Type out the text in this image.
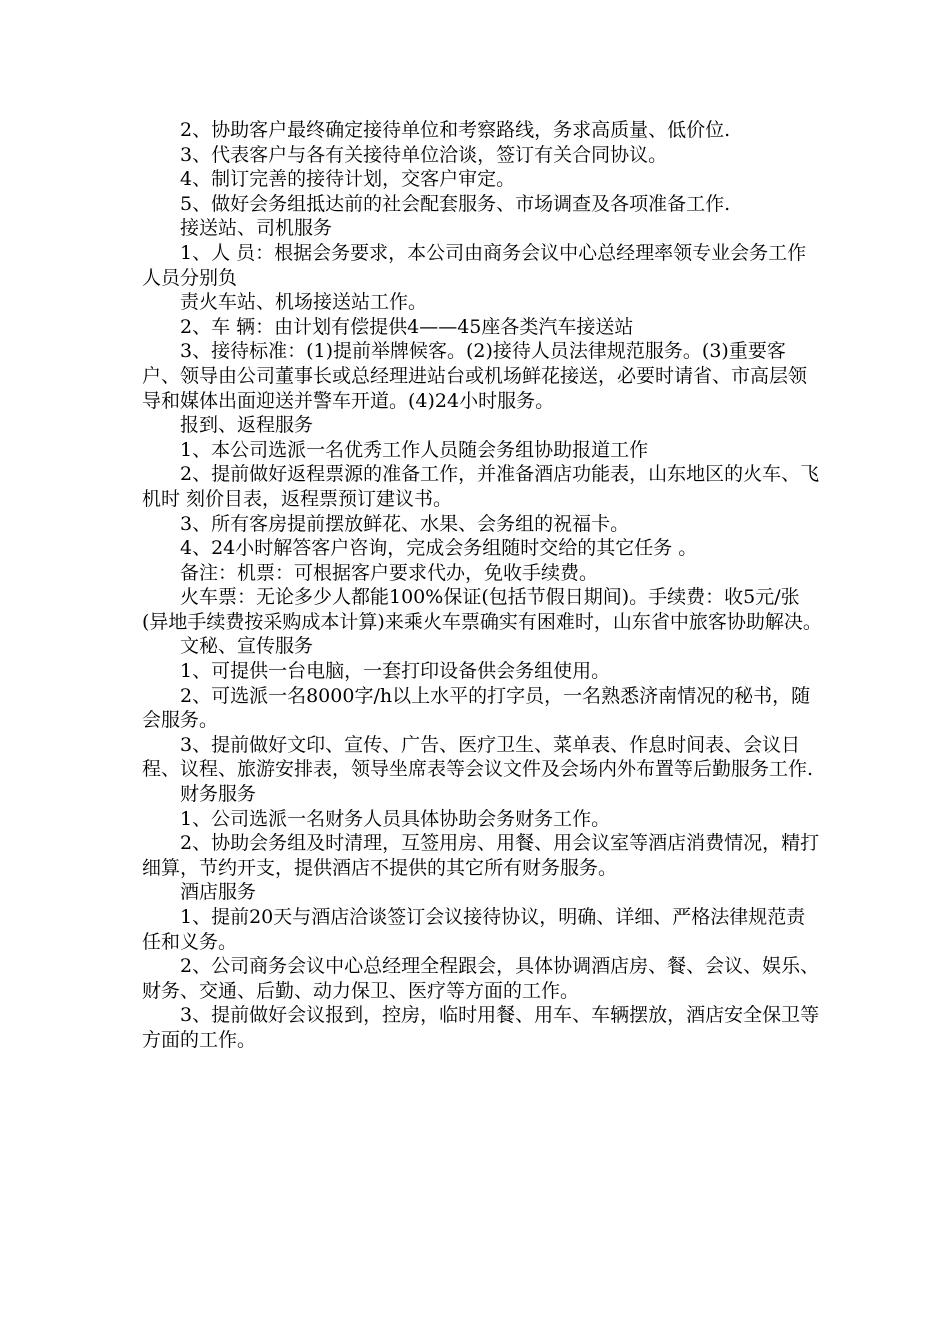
2、协助客户最终确定接待单位和考察路线，务求高质量、低价位.

3、代表客户与各有关接待单位洽谈，签订有关合同协议。

4、制订完善的接待计划，交客户审定。

5、做好会务组抵达前的社会配套服务、市场调查及各项准备工作.

接送站、司机服务

1、人 员：根据会务要求，本公司由商务会议中心总经理率领专业会务工作人员分别负

责火车站、机场接送站工作。

2、车 辆：由计划有偿提供4——45座各类汽车接送站

3、接待标准：(1)提前举牌候客。(2)接待人员法律规范服务。(3)重要客户、领导由公司董事长或总经理进站台或机场鲜花接送，必要时请省、市高层领导和媒体出面迎送并警车开道。(4)24小时服务。

报到、返程服务

1、本公司选派一名优秀工作人员随会务组协助报道工作

2、提前做好返程票源的准备工作，并准备酒店功能表，山东地区的火车、飞机时 刻价目表，返程票预订建议书。

3、所有客房提前摆放鲜花、水果、会务组的祝福卡。

4、24小时解答客户咨询，完成会务组随时交给的其它任务 。

备注：机票：可根据客户要求代办，免收手续费。

火车票：无论多少人都能100%保证(包括节假日期间)。手续费：收5元/张(异地手续费按采购成本计算)来乘火车票确实有困难时，山东省中旅客协助解决。

文秘、宣传服务

1、可提供一台电脑，一套打印设备供会务组使用。

2、可选派一名8000字/h以上水平的打字员，一名熟悉济南情况的秘书，随会服务。

3、提前做好文印、宣传、广告、医疗卫生、菜单表、作息时间表、会议日程、议程、旅游安排表，领导坐席表等会议文件及会场内外布置等后勤服务工作.

财务服务

1、公司选派一名财务人员具体协助会务财务工作。

2、协助会务组及时清理，互签用房、用餐、用会议室等酒店消费情况，精打细算，节约开支，提供酒店不提供的其它所有财务服务。

酒店服务

1、提前20天与酒店洽谈签订会议接待协议，明确、详细、严格法律规范责任和义务。

2、公司商务会议中心总经理全程跟会，具体协调酒店房、餐、会议、娱乐、财务、交通、后勤、动力保卫、医疗等方面的工作。

3、提前做好会议报到，控房，临时用餐、用车、车辆摆放，酒店安全保卫等方面的工作。
